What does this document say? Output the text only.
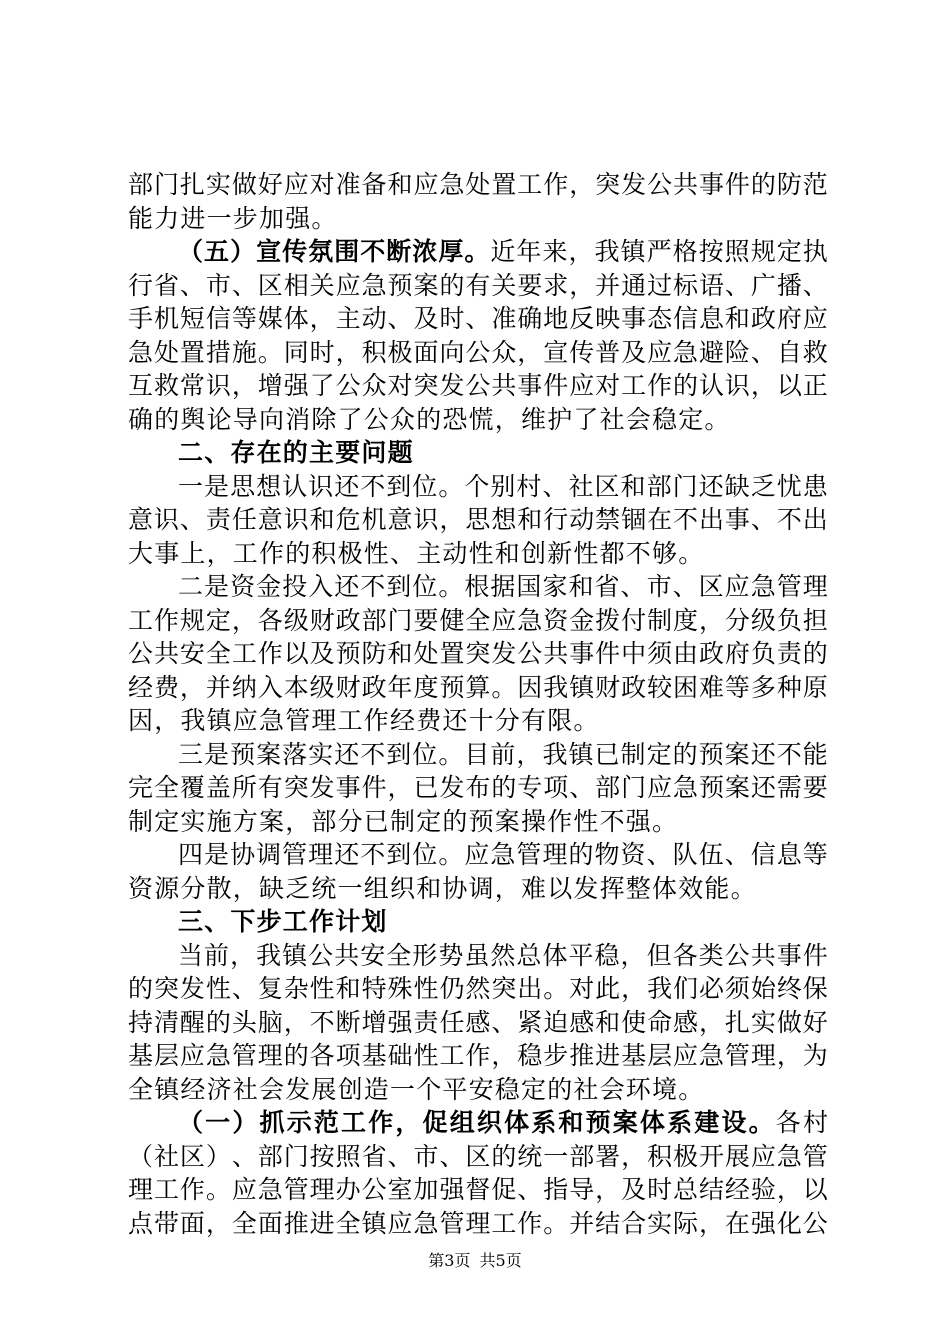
部 门 扎 实 做 好 应 对 准 备 和 应 急 处 置 工 作 ， 突 发 公 共 事 件 的 防 范
能力进一步加强。
（ 五 ） 宣 传 氛 围 不 断 浓 厚 。 近 年 来 ， 我 镇 严 格 按 照 规 定 执
行 省 、 市 、 区 相 关 应 急 预 案 的 有 关 要 求 ， 并 通 过 标 语 、 广 播 、
手 机 短 信 等 媒 体 ， 主 动 、 及 时 、 准 确 地 反 映 事 态 信 息 和 政 府 应
急 处 置 措 施 。 同 时 ， 积 极 面 向 公 众 ， 宣 传 普 及 应 急 避 险 、 自 救
互 救 常 识 ， 增 强 了 公 众 对 突 发 公 共 事 件 应 对 工 作 的 认 识 ， 以 正
确的舆论导向消除了公众的恐慌，维护了社会稳定。
二、存在的主要问题
一 是 思 想 认 识 还 不 到 位 。 个 别 村 、 社 区 和 部 门 还 缺 乏 忧 患
意 识 、 责 任 意 识 和 危 机 意 识 ， 思 想 和 行 动 禁 锢 在 不 出 事 、 不 出
大事上，工作的积极性、主动性和创新性都不够。
二 是 资 金 投 入 还 不 到 位 。 根 据 国 家 和 省 、 市 、 区 应 急 管 理
工 作 规 定 ， 各 级 财 政 部 门 要 健 全 应 急 资 金 拨 付 制 度 ， 分 级 负 担
公 共 安 全 工 作 以 及 预 防 和 处 置 突 发 公 共 事 件 中 须 由 政 府 负 责 的
经 费 ， 并 纳 入 本 级 财 政 年 度 预 算 。 因 我 镇 财 政 较 困 难 等 多 种 原
因，我镇应急管理工作经费还十分有限。
三 是 预 案 落 实 还 不 到 位 。 目 前 ， 我 镇 已 制 定 的 预 案 还 不 能
完 全 覆 盖 所 有 突 发 事 件 ， 已 发 布 的 专 项 、 部 门 应 急 预 案 还 需 要
制定实施方案，部分已制定的预案操作性不强。
四 是 协 调 管 理 还 不 到 位 。 应 急 管 理 的 物 资 、 队 伍 、 信 息 等
资源分散，缺乏统一组织和协调，难以发挥整体效能。
三、下步工作计划
当 前 ， 我 镇 公 共 安 全 形 势 虽 然 总 体 平 稳 ， 但 各 类 公 共 事 件
的 突 发 性 、 复 杂 性 和 特 殊 性 仍 然 突 出 。 对 此 ， 我 们 必 须 始 终 保
持 清 醒 的 头 脑 ， 不 断 增 强 责 任 感 、 紧 迫 感 和 使 命 感 ， 扎 实 做 好
基 层 应 急 管 理 的 各 项 基 础 性 工 作 ， 稳 步 推 进 基 层 应 急 管 理 ， 为
全镇经济社会发展创造一个平安稳定的社会环境。
（ 一 ） 抓 示 范 工 作 ， 促 组 织 体 系 和 预 案 体 系 建 设 。 各 村
（ 社 区 ） 、 部 门 按 照 省 、 市 、 区 的 统 一 部 署 ， 积 极 开 展 应 急 管
理 工 作 。 应 急 管 理 办 公 室 加 强 督 促 、 指 导 ， 及 时 总 结 经 验 ， 以
点 带 面 ， 全 面 推 进 全 镇 应 急 管 理 工 作 。 并 结 合 实 际 ， 在 强 化 公
第3页 共5页
